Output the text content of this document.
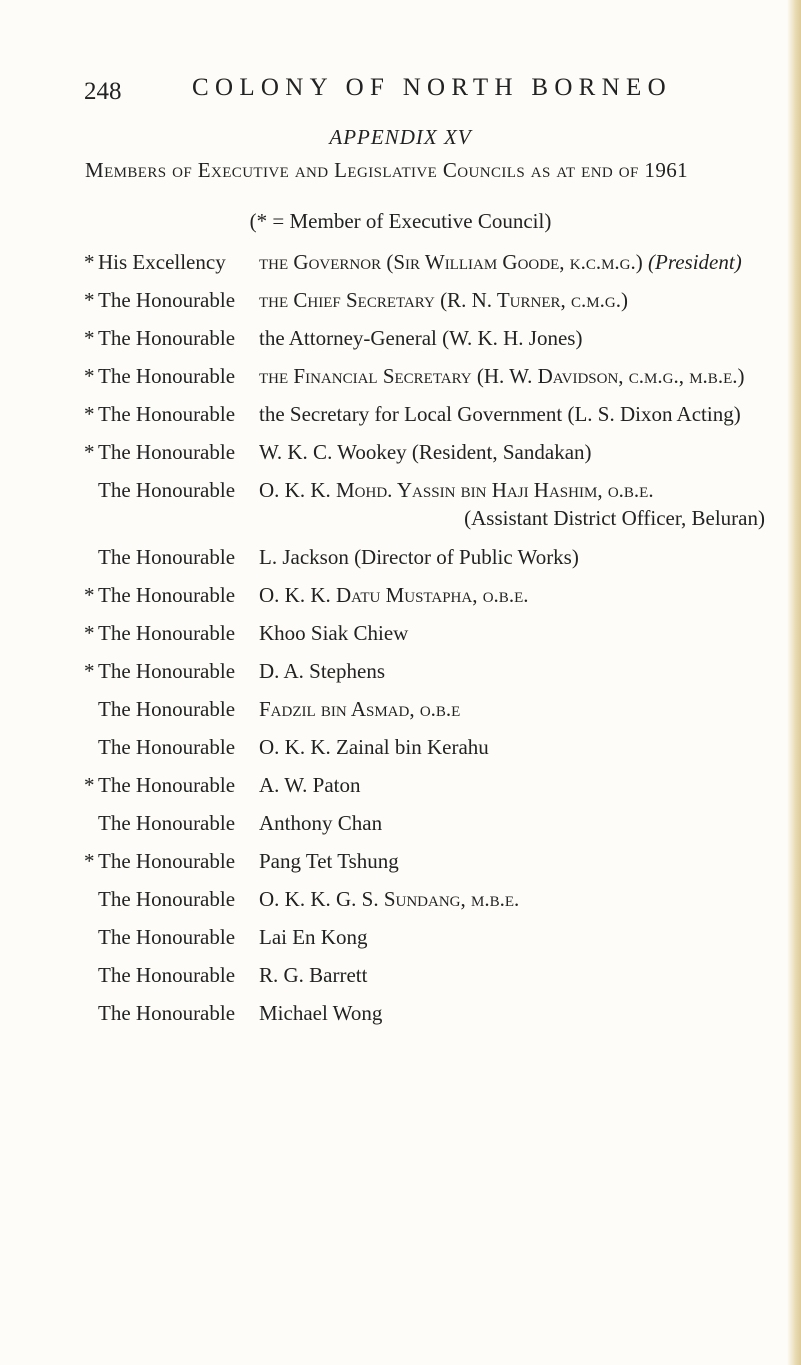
248	COLONY OF NORTH BORNEO
APPENDIX XV
Members of Executive and Legislative Councils as at end of 1961
(* = Member of Executive Council)
* His Excellency the Governor (Sir William Goode, k.c.m.g.) (President)
* The Honourable the Chief Secretary (R. N. Turner, c.m.g.)
* The Honourable the Attorney-General (W. K. H. Jones)
* The Honourable the Financial Secretary (H. W. Davidson, c.m.g., m.b.e.)
* The Honourable the Secretary for Local Government (L. S. Dixon Acting)
* The Honourable W. K. C. Wookey (Resident, Sandakan)
The Honourable O. K. K. Mohd. Yassin bin Haji Hashim, o.b.e.
(Assistant District Officer, Beluran)
The Honourable L. Jackson (Director of Public Works)
* The Honourable O. K. K. Datu Mustapha, o.b.e.
* The Honourable Khoo Siak Chiew
* The Honourable D. A. Stephens
The Honourable Fadzil bin Asmad, o.b.e
The Honourable O. K. K. Zainal bin Kerahu
* The Honourable A. W. Paton
The Honourable Anthony Chan
* The Honourable Pang Tet Tshung
The Honourable O. K. K. G. S. Sundang, m.b.e.
The Honourable Lai En Kong
The Honourable R. G. Barrett
The Honourable Michael Wong
